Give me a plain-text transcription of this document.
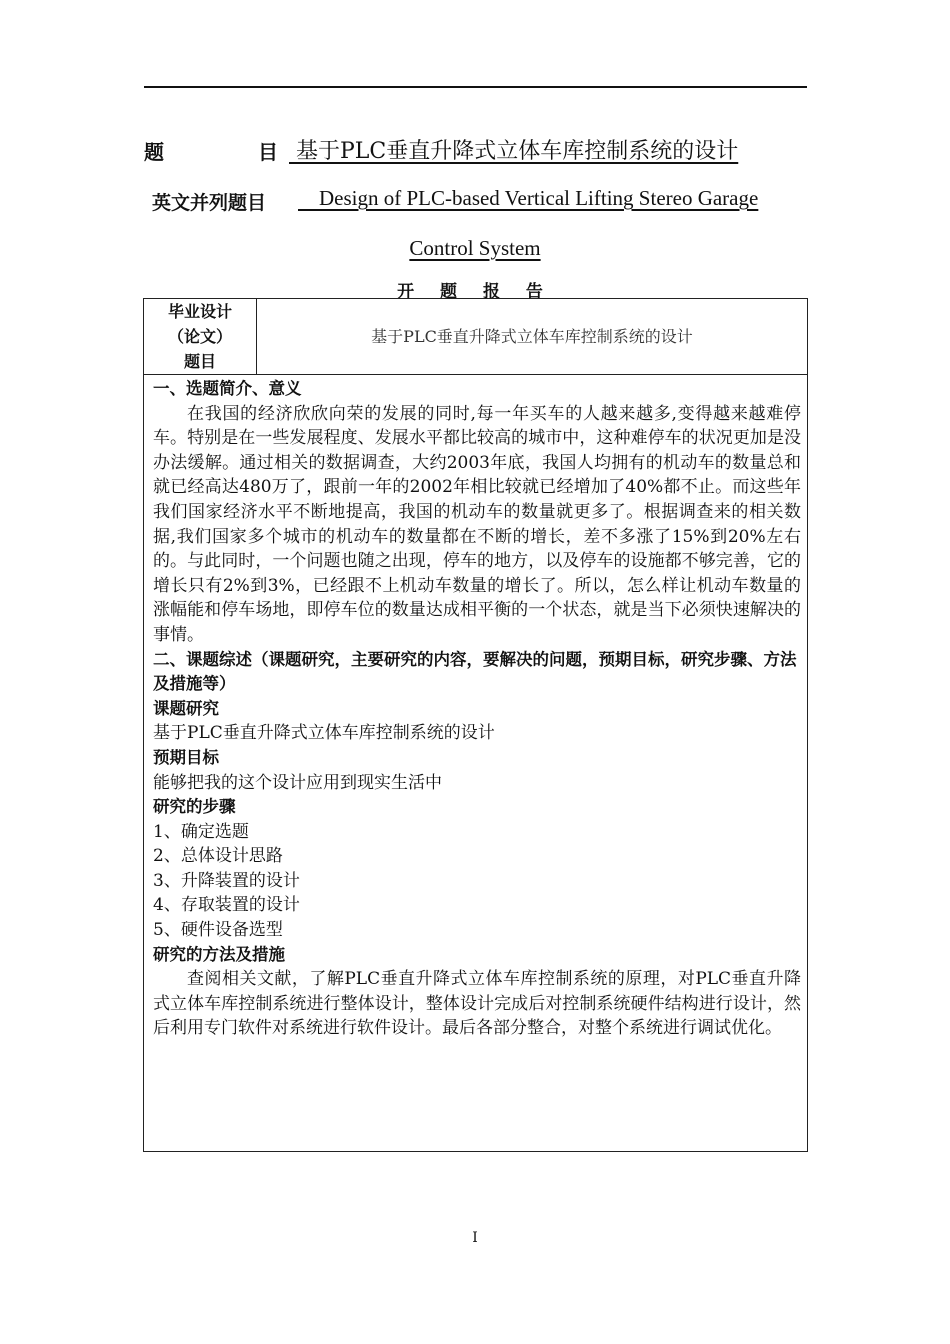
题	目 基于PLC垂直升降式立体车库控制系统的设计
英文并列题目 Design of PLC-based Vertical Lifting Stereo Garage
Control System
开 题 报 告
毕业设计
（论文）
题目
基于PLC垂直升降式立体车库控制系统的设计
一、选题简介、意义
在我国的经济欣欣向荣的发展的同时,每一年买车的人越来越多,变得越来越难停车。特别是在一些发展程度、发展水平都比较高的城市中，这种难停车的状况更加是没办法缓解。通过相关的数据调查，大约2003年底，我国人均拥有的机动车的数量总和就已经高达480万了，跟前一年的2002年相比较就已经增加了40%都不止。而这些年我们国家经济水平不断地提高，我国的机动车的数量就更多了。根据调查来的相关数据,我们国家多个城市的机动车的数量都在不断的增长，差不多涨了15%到20%左右的。与此同时，一个问题也随之出现，停车的地方，以及停车的设施都不够完善，它的增长只有2%到3%，已经跟不上机动车数量的增长了。所以，怎么样让机动车数量的涨幅能和停车场地，即停车位的数量达成相平衡的一个状态，就是当下必须快速解决的事情。
二、课题综述（课题研究，主要研究的内容，要解决的问题，预期目标，研究步骤、方法及措施等）
课题研究
基于PLC垂直升降式立体车库控制系统的设计
预期目标
能够把我的这个设计应用到现实生活中
研究的步骤
1、确定选题
2、总体设计思路
3、升降装置的设计
4、存取装置的设计
5、硬件设备选型
研究的方法及措施
查阅相关文献，了解PLC垂直升降式立体车库控制系统的原理，对PLC垂直升降式立体车库控制系统进行整体设计，整体设计完成后对控制系统硬件结构进行设计，然后利用专门软件对系统进行软件设计。最后各部分整合，对整个系统进行调试优化。
I
